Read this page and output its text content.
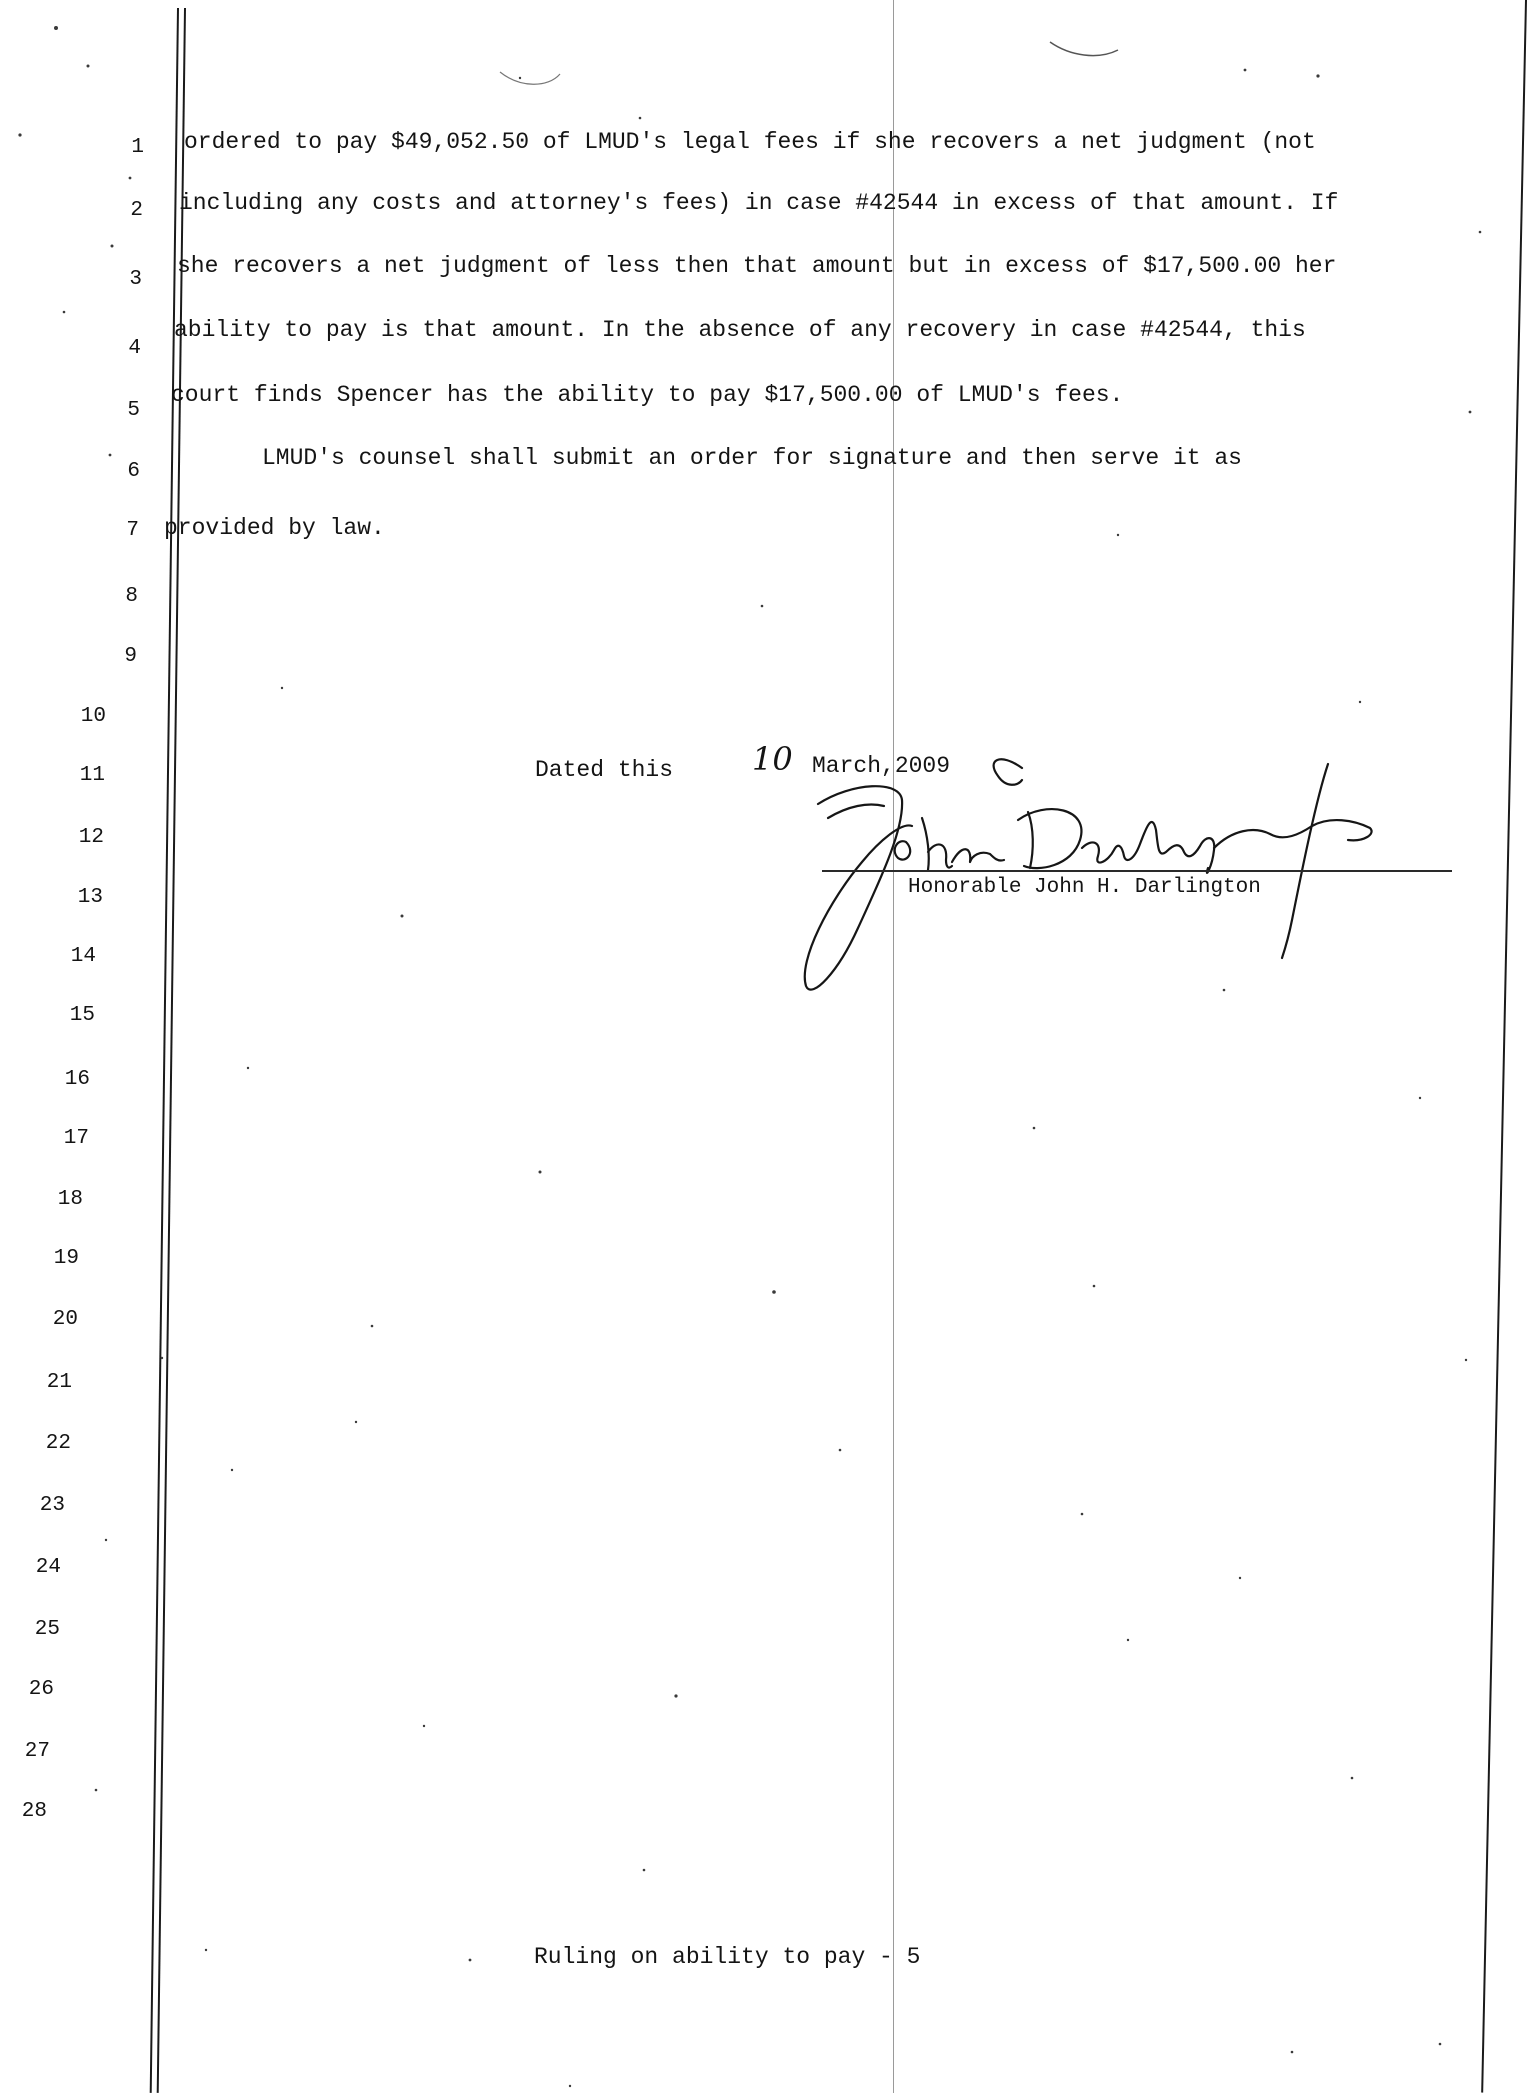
1
2
3
4
5
6
7
8
9
10
11
12
13
14
15
16
17
18
19
20
21
22
23
24
25
26
27
28
ordered to pay $49,052.50 of LMUD's legal fees if she recovers a net judgment (not
including any costs and attorney's fees) in case #42544 in excess of that amount. If
she recovers a net judgment of less then that amount but in excess of $17,500.00 her
ability to pay is that amount. In the absence of any recovery in case #42544, this
court finds Spencer has the ability to pay $17,500.00 of LMUD's fees.
LMUD's counsel shall submit an order for signature and then serve it as
provided by law.
Dated this 10 March,2009
Honorable John H. Darlington
Ruling on ability to pay - 5
